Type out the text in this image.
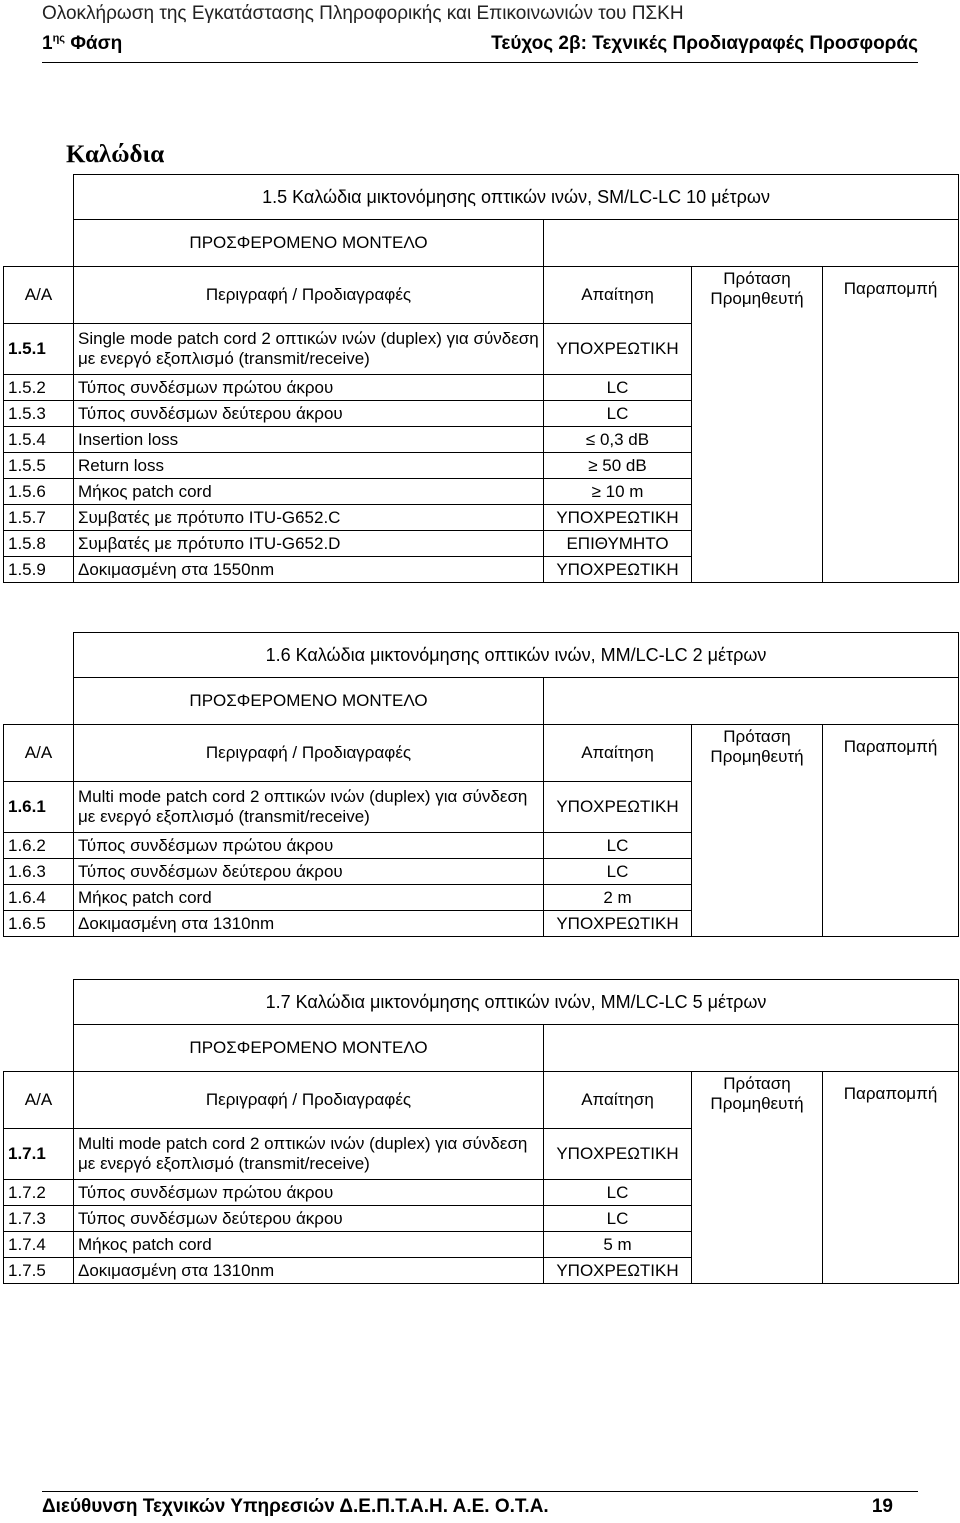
Ολοκλήρωση της Εγκατάστασης Πληροφορικής και Επικοινωνιών του ΠΣΚΗ
$1^{\eta\varsigma}$ Φάση	Τεύχος 2β: Τεχνικές Προδιαγραφές Προσφοράς
Καλώδια
	1.5 Καλώδια μικτονόμησης οπτικών ινών, SM/LC-LC 10 μέτρων			
	ΠΡΟΣΦΕΡΟΜΕΝΟ ΜΟΝΤΕΛΟ			
Α/Α	Περιγραφή / Προδιαγραφές	Απαίτηση	Πρόταση Προμηθευτή	Παραπομπή
1.5.1	Single mode patch cord 2 οπτικών ινών (duplex) για σύνδεση με ενεργό εξοπλισμό (transmit/receive)	ΥΠΟΧΡΕΩΤΙΚΗ		
1.5.2	Τύπος συνδέσμων πρώτου άκρου	LC		
1.5.3	Τύπος συνδέσμων δεύτερου άκρου	LC		
1.5.4	Insertion loss	≤ 0,3 dB		
1.5.5	Return loss	≥ 50 dB		
1.5.6	Μήκος patch cord	≥ 10 m		
1.5.7	Συμβατές με πρότυπο ITU-G652.C	ΥΠΟΧΡΕΩΤΙΚΗ		
1.5.8	Συμβατές με πρότυπο ITU-G652.D	ΕΠΙΘΥΜΗΤΟ		
1.5.9	Δοκιμασμένη στα 1550nm	ΥΠΟΧΡΕΩΤΙΚΗ		
	1.6 Καλώδια μικτονόμησης οπτικών ινών, MM/LC-LC 2 μέτρων			
	ΠΡΟΣΦΕΡΟΜΕΝΟ ΜΟΝΤΕΛΟ			
Α/Α	Περιγραφή / Προδιαγραφές	Απαίτηση	Πρόταση Προμηθευτή	Παραπομπή
1.6.1	Multi mode patch cord 2 οπτικών ινών (duplex) για σύνδεση με ενεργό εξοπλισμό (transmit/receive)	ΥΠΟΧΡΕΩΤΙΚΗ		
1.6.2	Τύπος συνδέσμων πρώτου άκρου	LC		
1.6.3	Τύπος συνδέσμων δεύτερου άκρου	LC		
1.6.4	Μήκος patch cord	2 m		
1.6.5	Δοκιμασμένη στα 1310nm	ΥΠΟΧΡΕΩΤΙΚΗ		
	1.7 Καλώδια μικτονόμησης οπτικών ινών, MM/LC-LC 5 μέτρων			
	ΠΡΟΣΦΕΡΟΜΕΝΟ ΜΟΝΤΕΛΟ			
Α/Α	Περιγραφή / Προδιαγραφές	Απαίτηση	Πρόταση Προμηθευτή	Παραπομπή
1.7.1	Multi mode patch cord 2 οπτικών ινών (duplex) για σύνδεση με ενεργό εξοπλισμό (transmit/receive)	ΥΠΟΧΡΕΩΤΙΚΗ		
1.7.2	Τύπος συνδέσμων πρώτου άκρου	LC		
1.7.3	Τύπος συνδέσμων δεύτερου άκρου	LC		
1.7.4	Μήκος patch cord	5 m		
1.7.5	Δοκιμασμένη στα 1310nm	ΥΠΟΧΡΕΩΤΙΚΗ		
Διεύθυνση Τεχνικών Υπηρεσιών Δ.Ε.Π.Τ.Α.Η. Α.Ε. Ο.Τ.Α.	19
